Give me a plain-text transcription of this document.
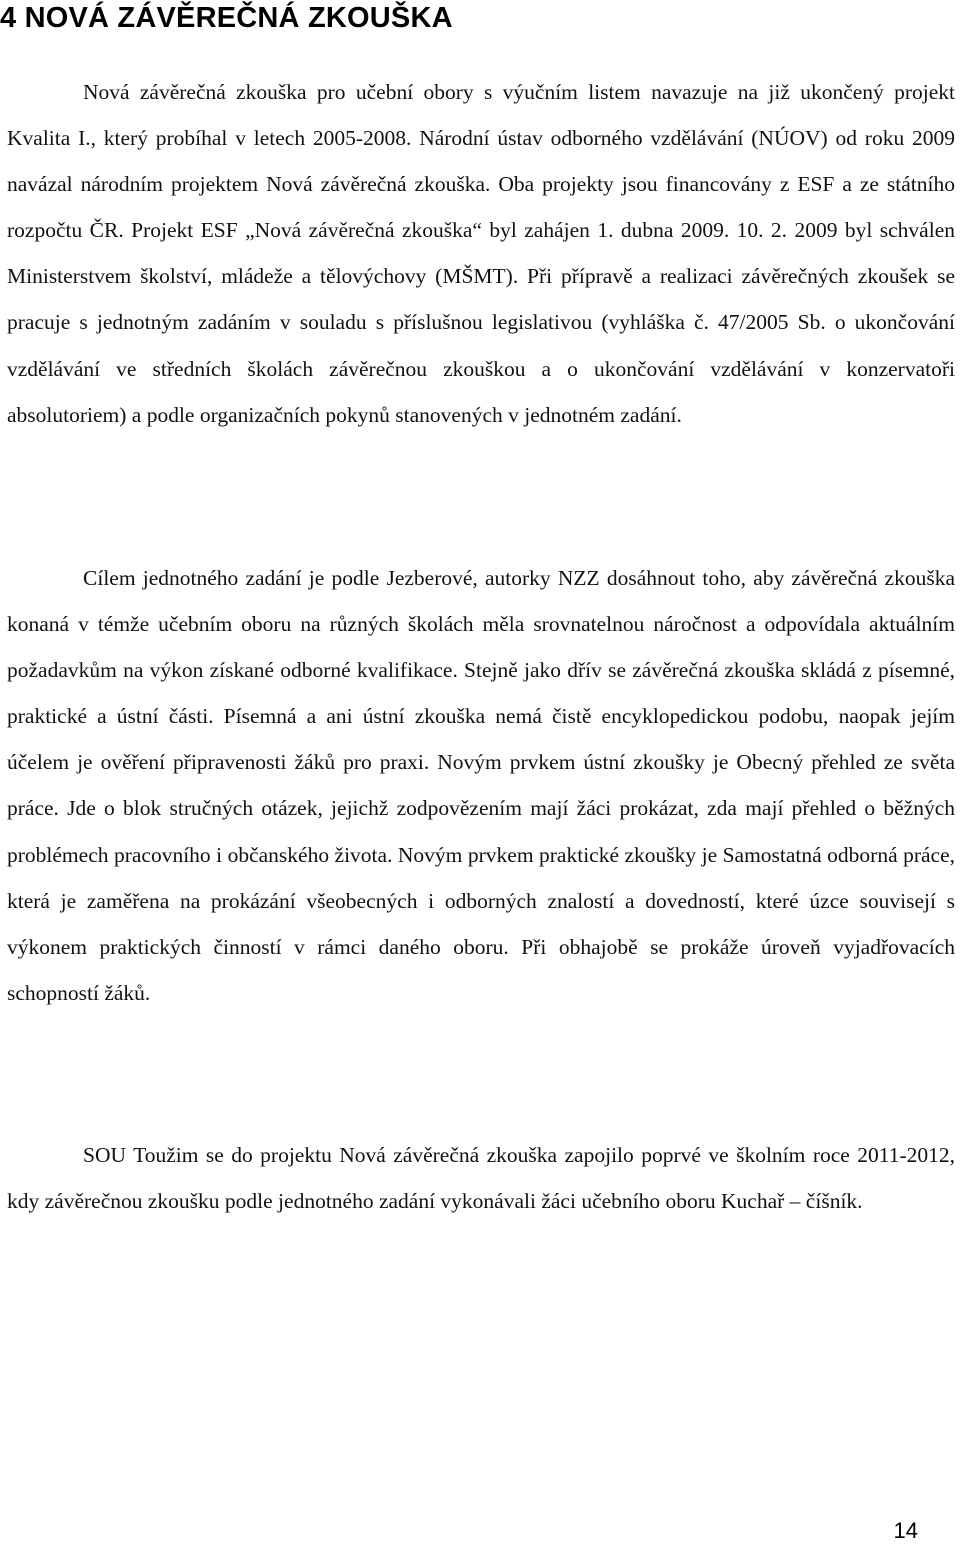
4 NOVÁ ZÁVĚREČNÁ ZKOUŠKA

Nová závěrečná zkouška pro učební obory s výučním listem navazuje na již ukončený projekt Kvalita I., který probíhal v letech 2005-2008. Národní ústav odborného vzdělávání (NÚOV) od roku 2009 navázal národním projektem Nová závěrečná zkouška. Oba projekty jsou financovány z ESF a ze státního rozpočtu ČR. Projekt ESF „Nová závěrečná zkouška“ byl zahájen 1. dubna 2009. 10. 2. 2009 byl schválen Ministerstvem školství, mládeže a tělovýchovy (MŠMT). Při přípravě a realizaci závěrečných zkoušek se pracuje s jednotným zadáním v souladu s příslušnou legislativou (vyhláška č. 47/2005 Sb. o ukončování vzdělávání ve středních školách závěrečnou zkouškou a o ukončování vzdělávání v konzervatoři absolutoriem) a podle organizačních pokynů stanovených v jednotném zadání.

Cílem jednotného zadání je podle Jezberové, autorky NZZ dosáhnout toho, aby závěrečná zkouška konaná v témže učebním oboru na různých školách měla srovnatelnou náročnost a odpovídala aktuálním požadavkům na výkon získané odborné kvalifikace. Stejně jako dřív se závěrečná zkouška skládá z písemné, praktické a ústní části. Písemná a ani ústní zkouška nemá čistě encyklopedickou podobu, naopak jejím účelem je ověření připravenosti žáků pro praxi. Novým prvkem ústní zkoušky je Obecný přehled ze světa práce. Jde o blok stručných otázek, jejichž zodpovězením mají žáci prokázat, zda mají přehled o běžných problémech pracovního i občanského života. Novým prvkem praktické zkoušky je Samostatná odborná práce, která je zaměřena na prokázání všeobecných i odborných znalostí a dovedností, které úzce souvisejí s výkonem praktických činností v rámci daného oboru. Při obhajobě se prokáže úroveň vyjadřovacích schopností žáků.

SOU Toužim se do projektu Nová závěrečná zkouška zapojilo poprvé ve školním roce 2011-2012, kdy závěrečnou zkoušku podle jednotného zadání vykonávali žáci učebního oboru Kuchař – číšník.

14
